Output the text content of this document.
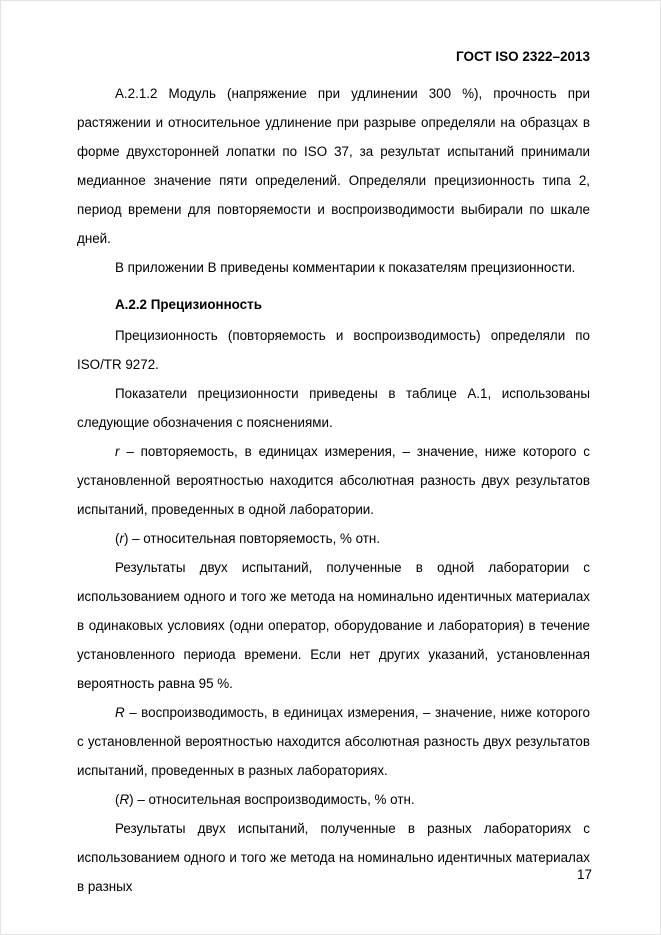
ГОСТ ISO 2322–2013

А.2.1.2 Модуль (напряжение при удлинении 300 %), прочность при растяжении и относительное удлинение при разрыве определяли на образцах в форме двухсторонней лопатки по ISO 37, за результат испытаний принимали медианное значение пяти определений. Определяли прецизионность типа 2, период времени для повторяемости и воспроизводимости выбирали по шкале дней.

В приложении В приведены комментарии к показателям прецизионности.

А.2.2 Прецизионность

Прецизионность (повторяемость и воспроизводимость) определяли по ISO/TR 9272.

Показатели прецизионности приведены в таблице А.1, использованы следующие обозначения с пояснениями.

r – повторяемость, в единицах измерения, – значение, ниже которого с установленной вероятностью находится абсолютная разность двух результатов испытаний, проведенных в одной лаборатории.

(r) – относительная повторяемость, % отн.

Результаты двух испытаний, полученные в одной лаборатории с использованием одного и того же метода на номинально идентичных материалах в одинаковых условиях (одни оператор, оборудование и лаборатория) в течение установленного периода времени. Если нет других указаний, установленная вероятность равна 95 %.

R – воспроизводимость, в единицах измерения, – значение, ниже которого с установленной вероятностью находится абсолютная разность двух результатов испытаний, проведенных в разных лабораториях.

(R) – относительная воспроизводимость, % отн.

Результаты двух испытаний, полученные в разных лабораториях с использованием одного и того же метода на номинально идентичных материалах в разных

17
